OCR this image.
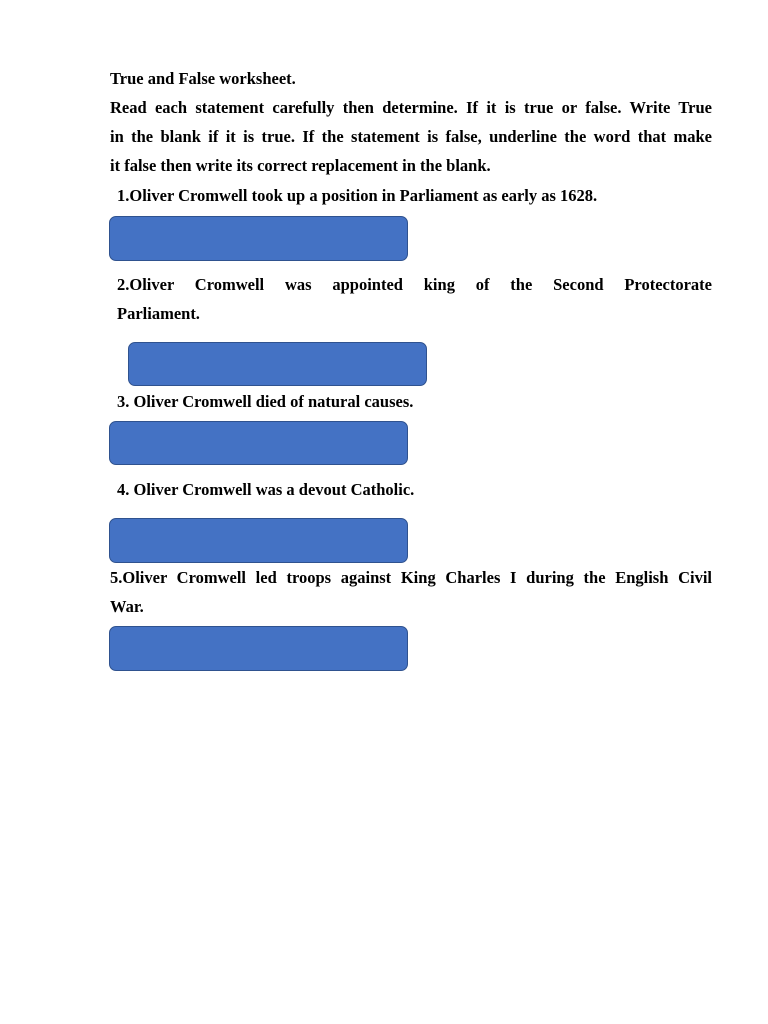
True and False worksheet.
Read each statement carefully then determine. If it is true or false. Write True
in the blank if it is true. If the statement is false, underline the word that make
it false then write its correct replacement in the blank.
1.Oliver Cromwell took up a position in Parliament as early as 1628.
2.Oliver Cromwell was appointed king of the Second Protectorate
Parliament.
3. Oliver Cromwell died of natural causes.
4. Oliver Cromwell was a devout Catholic.
5.Oliver Cromwell led troops against King Charles I during the English Civil
War.
